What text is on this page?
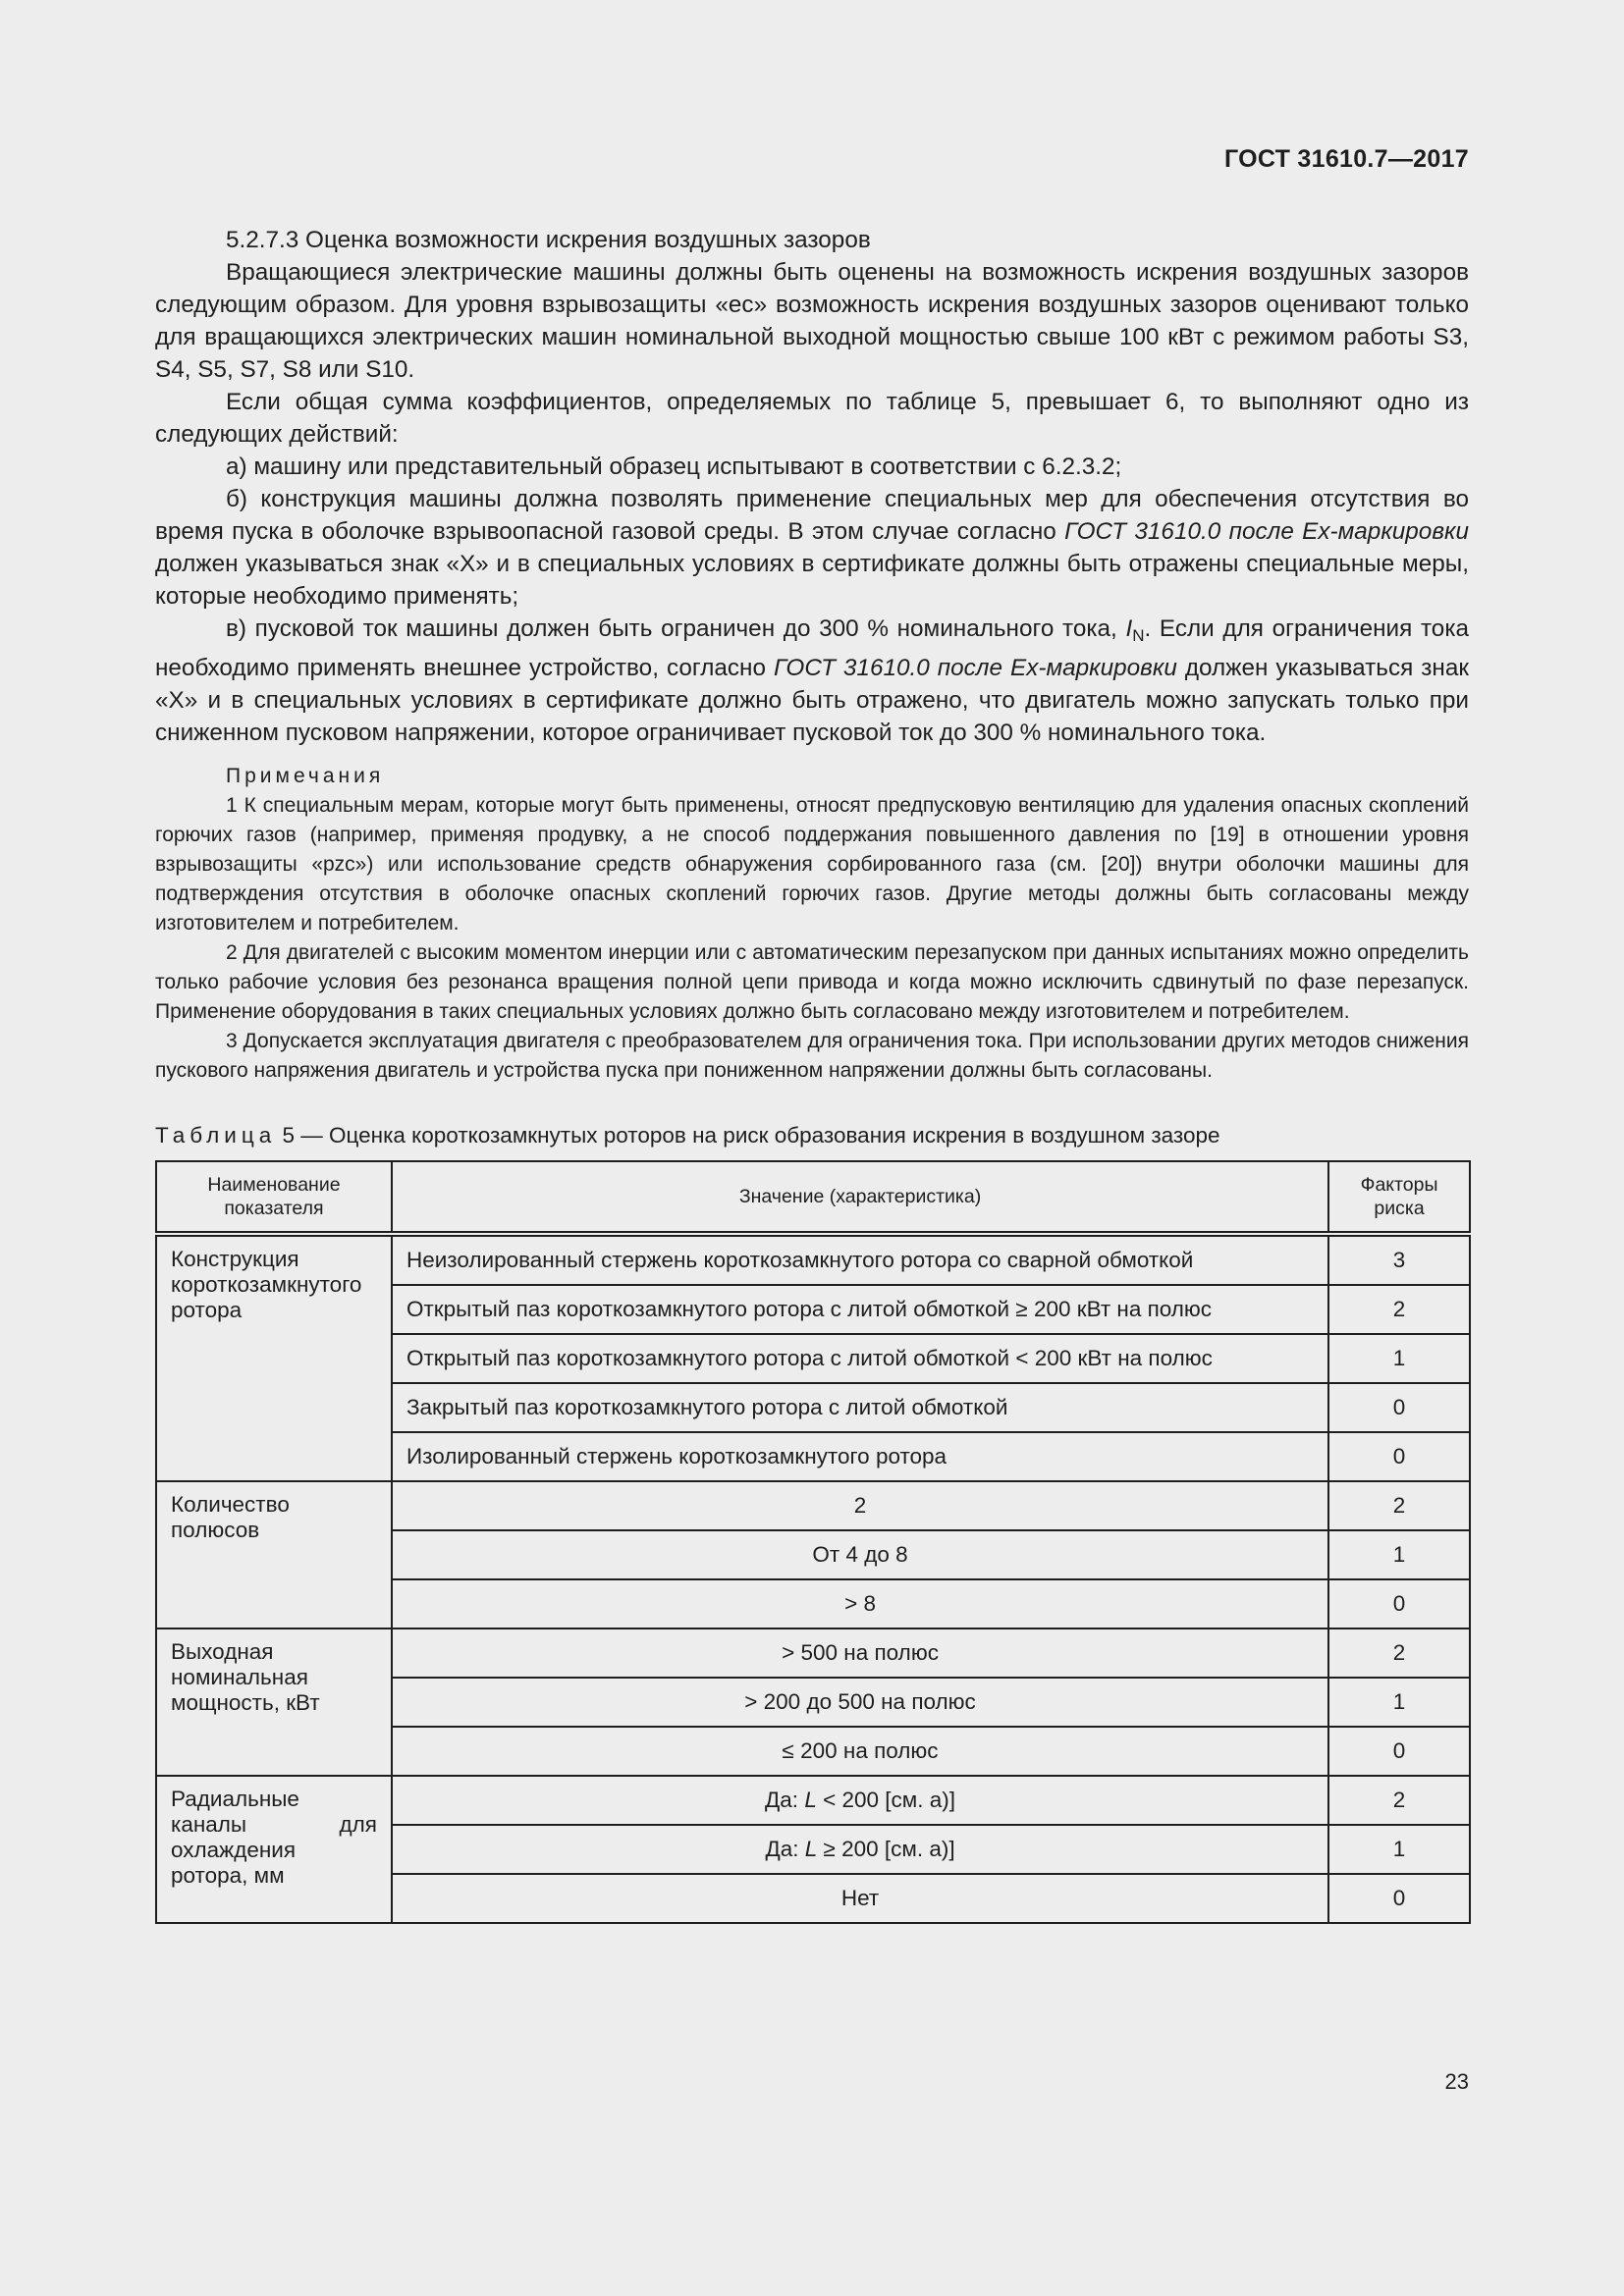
ГОСТ 31610.7—2017

5.2.7.3 Оценка возможности искрения воздушных зазоров

Вращающиеся электрические машины должны быть оценены на возможность искрения воздушных зазоров следующим образом. Для уровня взрывозащиты «ес» возможность искрения воздушных зазоров оценивают только для вращающихся электрических машин номинальной выходной мощностью свыше 100 кВт с режимом работы S3, S4, S5, S7, S8 или S10.

Если общая сумма коэффициентов, определяемых по таблице 5, превышает 6, то выполняют одно из следующих действий:

а) машину или представительный образец испытывают в соответствии с 6.2.3.2;

б) конструкция машины должна позволять применение специальных мер для обеспечения отсутствия во время пуска в оболочке взрывоопасной газовой среды. В этом случае согласно ГОСТ 31610.0 после Ex-маркировки должен указываться знак «X» и в специальных условиях в сертификате должны быть отражены специальные меры, которые необходимо применять;

в) пусковой ток машины должен быть ограничен до 300 % номинального тока, $I_N$. Если для ограничения тока необходимо применять внешнее устройство, согласно ГОСТ 31610.0 после Ex-маркировки должен указываться знак «X» и в специальных условиях в сертификате должно быть отражено, что двигатель можно запускать только при сниженном пусковом напряжении, которое ограничивает пусковой ток до 300 % номинального тока.

Примечания

1 К специальным мерам, которые могут быть применены, относят предпусковую вентиляцию для удаления опасных скоплений горючих газов (например, применяя продувку, а не способ поддержания повышенного давления по [19] в отношении уровня взрывозащиты «pzc») или использование средств обнаружения сорбированного газа (см. [20]) внутри оболочки машины для подтверждения отсутствия в оболочке опасных скоплений горючих газов. Другие методы должны быть согласованы между изготовителем и потребителем.

2 Для двигателей с высоким моментом инерции или с автоматическим перезапуском при данных испытаниях можно определить только рабочие условия без резонанса вращения полной цепи привода и когда можно исключить сдвинутый по фазе перезапуск. Применение оборудования в таких специальных условиях должно быть согласовано между изготовителем и потребителем.

3 Допускается эксплуатация двигателя с преобразователем для ограничения тока. При использовании других методов снижения пускового напряжения двигатель и устройства пуска при пониженном напряжении должны быть согласованы.

Таблица 5 — Оценка короткозамкнутых роторов на риск образования искрения в воздушном зазоре
Наименование показателя	Значение (характеристика)	Факторы риска
Конструкция короткозамкнутого ротора	Неизолированный стержень короткозамкнутого ротора со сварной обмоткой	3
	Открытый паз короткозамкнутого ротора с литой обмоткой ≥ 200 кВт на полюс	2
	Открытый паз короткозамкнутого ротора с литой обмоткой < 200 кВт на полюс	1
	Закрытый паз короткозамкнутого ротора с литой обмоткой	0
	Изолированный стержень короткозамкнутого ротора	0
Количество полюсов	2	2
	От 4 до 8	1
	> 8	0
Выходная номинальная мощность, кВт	> 500 на полюс	2
	> 200 до 500 на полюс	1
	≤ 200 на полюс	0
Радиальные каналы для охлаждения ротора, мм	Да: L < 200 [см. а)]	2
	Да: L ≥ 200 [см. а)]	1
	Нет	0
23
